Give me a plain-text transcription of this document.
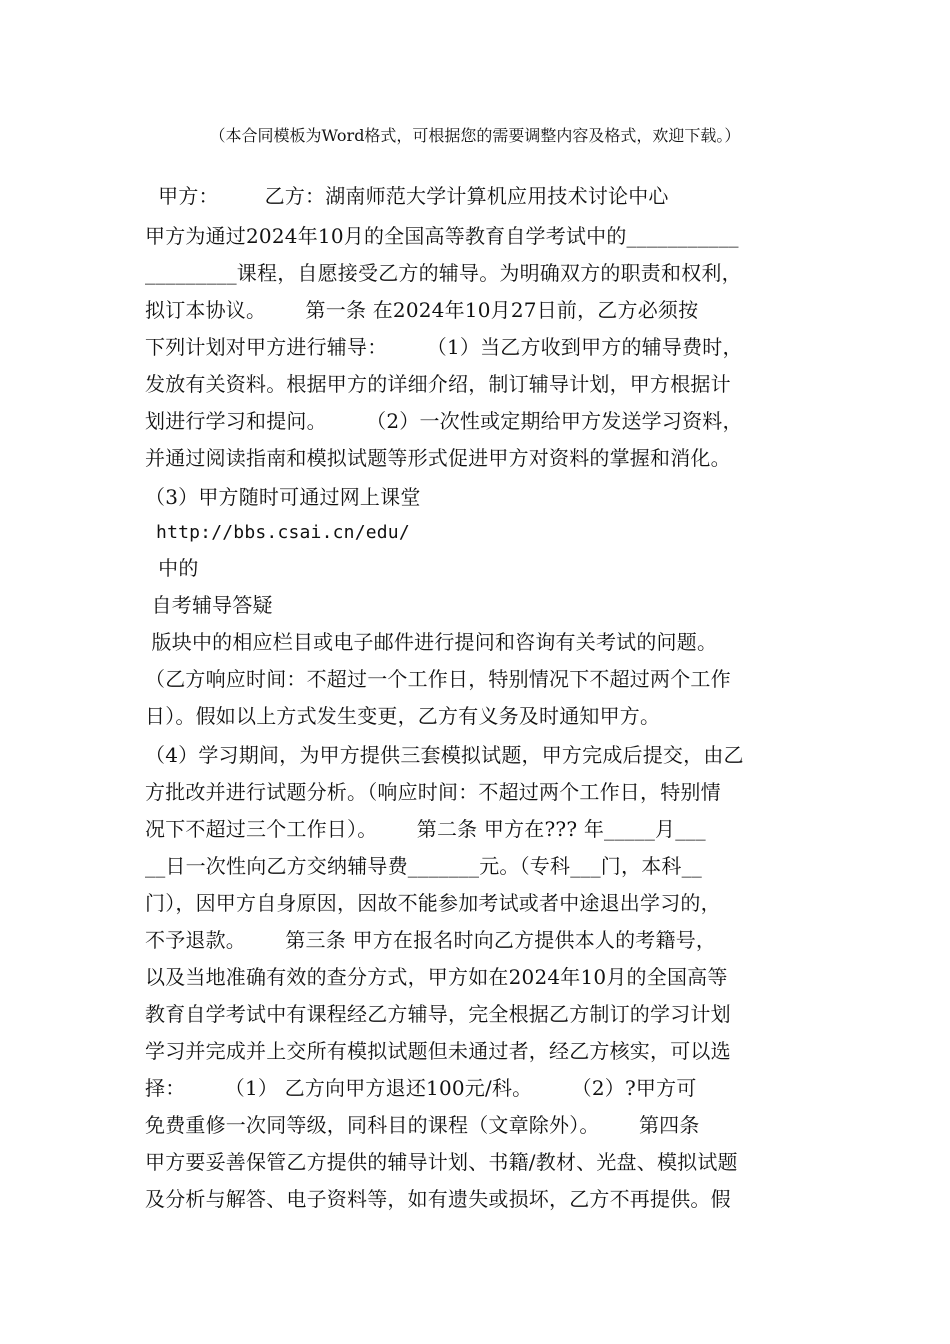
（本合同模板为Word格式，可根据您的需要调整内容及格式，欢迎下载。）
甲方：       乙方：湖南师范大学计算机应用技术讨论中心
甲方为通过2024年10月的全国高等教育自学考试中的___________
_________课程，自愿接受乙方的辅导。为明确双方的职责和权利，
拟订本协议。      第一条 在2024年10月27日前，乙方必须按
下列计划对甲方进行辅导：      （1）当乙方收到甲方的辅导费时，
发放有关资料。根据甲方的详细介绍，制订辅导计划，甲方根据计
划进行学习和提问。      （2）一次性或定期给甲方发送学习资料，
并通过阅读指南和模拟试题等形式促进甲方对资料的掌握和消化。
（3）甲方随时可通过网上课堂
http://bbs.csai.cn/edu/
中的
自考辅导答疑
版块中的相应栏目或电子邮件进行提问和咨询有关考试的问题。
（乙方响应时间：不超过一个工作日，特别情况下不超过两个工作
日）。假如以上方式发生变更，乙方有义务及时通知甲方。
（4）学习期间，为甲方提供三套模拟试题，甲方完成后提交，由乙
方批改并进行试题分析。（响应时间：不超过两个工作日，特别情
况下不超过三个工作日）。      第二条 甲方在??? 年_____月___
__日一次性向乙方交纳辅导费_______元。（专科___门，本科__
门），因甲方自身原因，因故不能参加考试或者中途退出学习的，
不予退款。      第三条 甲方在报名时向乙方提供本人的考籍号，
以及当地准确有效的查分方式，甲方如在2024年10月的全国高等
教育自学考试中有课程经乙方辅导，完全根据乙方制订的学习计划
学习并完成并上交所有模拟试题但未通过者，经乙方核实，可以选
择：      （1） 乙方向甲方退还100元/科。      （2）?甲方可
免费重修一次同等级，同科目的课程（文章除外）。      第四条
甲方要妥善保管乙方提供的辅导计划、书籍/教材、光盘、模拟试题
及分析与解答、电子资料等，如有遗失或损坏，乙方不再提供。假
